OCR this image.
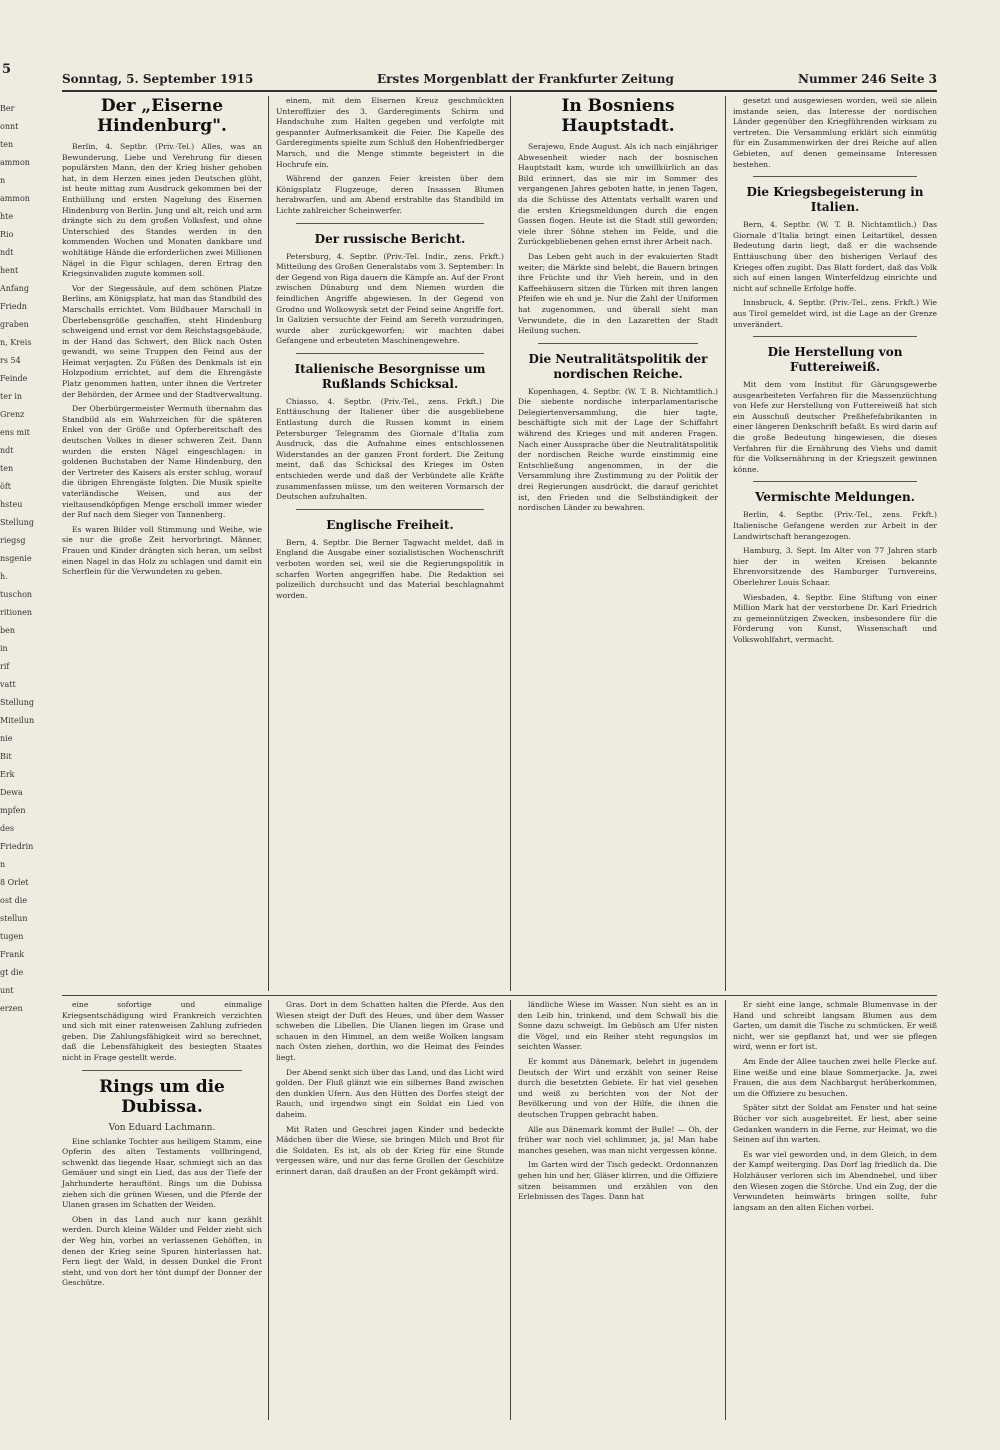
5
Sonntag, 5. September 1915	Erstes Morgenblatt der Frankfurter Zeitung	Nummer 246 Seite 3
Ber
onnt
ten
ammon
n
ammon
hte
Rio
ndt
hent
Anfang
Friedn
graben
n, Kreis
rs 54
Feinde
ter in
Grenz
ens mit
ndt
ten
öft
hsteu
Stellung
riegsg
nsgenie
h.
tuschon
ritionen
ben
in
rif
vatt
Stellung
Miteilun
nie
Bit
Erk
Dewa
mpfen
des
Friedrin
n
8 Orlet
ost die
stellun
tugen
Frank
gt die
unt
erzen
Der „Eiserne Hindenburg".

Berlin, 4. Septbr. (Priv.-Tel.) Alles, was an Bewunderung, Liebe und Verehrung für diesen populärsten Mann, den der Krieg bisher gehoben hat, in dem Herzen eines jeden Deutschen glüht, ist heute mittag zum Ausdruck gekommen bei der Enthüllung und ersten Nagelung des Eisernen Hindenburg von Berlin. Jung und alt, reich und arm drängte sich zu dem großen Volksfest, und ohne Unterschied des Standes werden in den kommenden Wochen und Monaten dankbare und wohltätige Hände die erforderlichen zwei Millionen Nägel in die Figur schlagen, deren Ertrag den Kriegsinvaliden zugute kommen soll.

Vor der Siegessäule, auf dem schönen Platze Berlins, am Königsplatz, hat man das Standbild des Marschalls errichtet. Vom Bildhauer Marschall in Überlebensgröße geschaffen, steht Hindenburg schweigend und ernst vor dem Reichstagsgebäude, in der Hand das Schwert, den Blick nach Osten gewandt, wo seine Truppen den Feind aus der Heimat verjagten. Zu Füßen des Denkmals ist ein Holzpodium errichtet, auf dem die Ehrengäste Platz genommen hatten, unter ihnen die Vertreter der Behörden, der Armee und der Stadtverwaltung.

Der Oberbürgermeister Wermuth übernahm das Standbild als ein Wahrzeichen für die späteren Enkel von der Größe und Opferbereitschaft des deutschen Volkes in dieser schweren Zeit. Dann wurden die ersten Nägel eingeschlagen: in goldenen Buchstaben der Name Hindenburg, den der Vertreter des Kaisers als erster schlug, worauf die übrigen Ehrengäste folgten. Die Musik spielte vaterländische Weisen, und aus der vieltausendköpfigen Menge erscholl immer wieder der Ruf nach dem Sieger von Tannenberg.

Es waren Bilder voll Stimmung und Weihe, wie sie nur die große Zeit hervorbringt. Männer, Frauen und Kinder drängten sich heran, um selbst einen Nagel in das Holz zu schlagen und damit ein Scherflein für die Verwundeten zu geben.

einem, mit dem Eisernen Kreuz geschmückten Unteroffizier des 3. Garderegiments Schirm und Handschuhe zum Halten gegeben und verfolgte mit gespannter Aufmerksamkeit die Feier. Die Kapelle des Garderegiments spielte zum Schluß den Hohenfriedberger Marsch, und die Menge stimmte begeistert in die Hochrufe ein.

Während der ganzen Feier kreisten über dem Königsplatz Flugzeuge, deren Insassen Blumen herabwarfen, und am Abend erstrahlte das Standbild im Lichte zahlreicher Scheinwerfer.

Der russische Bericht.

Petersburg, 4. Septbr. (Priv.-Tel. Indir., zens. Frkft.) Mitteilung des Großen Generalstabs vom 3. September: In der Gegend von Riga dauern die Kämpfe an. Auf der Front zwischen Dünaburg und dem Niemen wurden die feindlichen Angriffe abgewiesen. In der Gegend von Grodno und Wolkowysk setzt der Feind seine Angriffe fort. In Galizien versuchte der Feind am Sereth vorzudringen, wurde aber zurückgeworfen; wir machten dabei Gefangene und erbeuteten Maschinengewehre.

Italienische Besorgnisse um Rußlands Schicksal.

Chiasso, 4. Septbr. (Priv.-Tel., zens. Frkft.) Die Enttäuschung der Italiener über die ausgebliebene Entlastung durch die Russen kommt in einem Petersburger Telegramm des Giornale d'Italia zum Ausdruck, das die Aufnahme eines entschlossenen Widerstandes an der ganzen Front fordert. Die Zeitung meint, daß das Schicksal des Krieges im Osten entschieden werde und daß der Verbündete alle Kräfte zusammenfassen müsse, um den weiteren Vormarsch der Deutschen aufzuhalten.

Englische Freiheit.

Bern, 4. Septbr. Die Berner Tagwacht meldet, daß in England die Ausgabe einer sozialistischen Wochenschrift verboten worden sei, weil sie die Regierungspolitik in scharfen Worten angegriffen habe. Die Redaktion sei polizeilich durchsucht und das Material beschlagnahmt worden.

In Bosniens Hauptstadt.

Serajewo, Ende August. Als ich nach einjähriger Abwesenheit wieder nach der bosnischen Hauptstadt kam, wurde ich unwillkürlich an das Bild erinnert, das sie mir im Sommer des vergangenen Jahres geboten hatte, in jenen Tagen, da die Schüsse des Attentats verhallt waren und die ersten Kriegsmeldungen durch die engen Gassen flogen. Heute ist die Stadt still geworden; viele ihrer Söhne stehen im Felde, und die Zurückgebliebenen gehen ernst ihrer Arbeit nach.

Das Leben geht auch in der evakuierten Stadt weiter; die Märkte sind belebt, die Bauern bringen ihre Früchte und ihr Vieh herein, und in den Kaffeehäusern sitzen die Türken mit ihren langen Pfeifen wie eh und je. Nur die Zahl der Uniformen hat zugenommen, und überall sieht man Verwundete, die in den Lazaretten der Stadt Heilung suchen.

Die Neutralitätspolitik der nordischen Reiche.

Kopenhagen, 4. Septbr. (W. T. B. Nichtamtlich.) Die siebente nordische interparlamentarische Delegiertenversammlung, die hier tagte, beschäftigte sich mit der Lage der Schiffahrt während des Krieges und mit anderen Fragen. Nach einer Aussprache über die Neutralitätspolitik der nordischen Reiche wurde einstimmig eine Entschließung angenommen, in der die Versammlung ihre Zustimmung zu der Politik der drei Regierungen ausdrückt, die darauf gerichtet ist, den Frieden und die Selbständigkeit der nordischen Länder zu bewahren.

gesetzt und ausgewiesen worden, weil sie allein imstande seien, das Interesse der nordischen Länder gegenüber den Kriegführenden wirksam zu vertreten. Die Versammlung erklärt sich einmütig für ein Zusammenwirken der drei Reiche auf allen Gebieten, auf denen gemeinsame Interessen bestehen.

Die Kriegsbegeisterung in Italien.

Bern, 4. Septbr. (W. T. B. Nichtamtlich.) Das Giornale d'Italia bringt einen Leitartikel, dessen Bedeutung darin liegt, daß er die wachsende Enttäuschung über den bisherigen Verlauf des Krieges offen zugibt. Das Blatt fordert, daß das Volk sich auf einen langen Winterfeldzug einrichte und nicht auf schnelle Erfolge hoffe.

Innsbruck, 4. Septbr. (Priv.-Tel., zens. Frkft.) Wie aus Tirol gemeldet wird, ist die Lage an der Grenze unverändert.

Die Herstellung von Futtereiweiß.

Mit dem vom Institut für Gärungsgewerbe ausgearbeiteten Verfahren für die Massenzüchtung von Hefe zur Herstellung von Futtereiweiß hat sich ein Ausschuß deutscher Preßhefefabrikanten in einer längeren Denkschrift befaßt. Es wird darin auf die große Bedeutung hingewiesen, die dieses Verfahren für die Ernährung des Viehs und damit für die Volksernährung in der Kriegszeit gewinnen könne.

Vermischte Meldungen.

Berlin, 4. Septbr. (Priv.-Tel., zens. Frkft.) Italienische Gefangene werden zur Arbeit in der Landwirtschaft herangezogen.

Hamburg, 3. Sept. Im Alter von 77 Jahren starb hier der in weiten Kreisen bekannte Ehrenvorsitzende des Hamburger Turnvereins, Oberlehrer Louis Schaar.

Wiesbaden, 4. Septbr. Eine Stiftung von einer Million Mark hat der verstorbene Dr. Karl Friedrich zu gemeinnützigen Zwecken, insbesondere für die Förderung von Kunst, Wissenschaft und Volkswohlfahrt, vermacht.

eine sofortige und einmalige Kriegsentschädigung wird Frankreich verzichten und sich mit einer ratenweisen Zahlung zufrieden geben. Die Zahlungsfähigkeit wird so berechnet, daß die Lebensfähigkeit des besiegten Staates nicht in Frage gestellt werde.

Rings um die Dubissa.
Von Eduard Lachmann.

Eine schlanke Tochter aus heiligem Stamm, eine Opferin des alten Testaments vollbringend, schwenkt das liegende Haar, schmiegt sich an das Gemäuer und singt ein Lied, das aus der Tiefe der Jahrhunderte herauftönt. Rings um die Dubissa ziehen sich die grünen Wiesen, und die Pferde der Ulanen grasen im Schatten der Weiden.

Oben in das Land auch nur kann gezählt werden. Durch kleine Wälder und Felder zieht sich der Weg hin, vorbei an verlassenen Gehöften, in denen der Krieg seine Spuren hinterlassen hat. Fern liegt der Wald, in dessen Dunkel die Front steht, und von dort her tönt dumpf der Donner der Geschütze.

Gras. Dort in dem Schatten halten die Pferde. Aus den Wiesen steigt der Duft des Heues, und über dem Wasser schweben die Libellen. Die Ulanen liegen im Grase und schauen in den Himmel, an dem weiße Wolken langsam nach Osten ziehen, dorthin, wo die Heimat des Feindes liegt.

Der Abend senkt sich über das Land, und das Licht wird golden. Der Fluß glänzt wie ein silbernes Band zwischen den dunklen Ufern. Aus den Hütten des Dorfes steigt der Rauch, und irgendwo singt ein Soldat ein Lied von daheim.

Mit Raten und Geschrei jagen Kinder und bedeckte Mädchen über die Wiese, sie bringen Milch und Brot für die Soldaten. Es ist, als ob der Krieg für eine Stunde vergessen wäre, und nur das ferne Grollen der Geschütze erinnert daran, daß draußen an der Front gekämpft wird.

ländliche Wiese im Wasser. Nun sieht es an in den Leib hin, trinkend, und dem Schwall bis die Sonne dazu schweigt. Im Gebüsch am Ufer nisten die Vögel, und ein Reiher steht regungslos im seichten Wasser.

Er kommt aus Dänemark, belehrt in jugendem Deutsch der Wirt und erzählt von seiner Reise durch die besetzten Gebiete. Er hat viel gesehen und weiß zu berichten von der Not der Bevölkerung und von der Hilfe, die ihnen die deutschen Truppen gebracht haben.

Alle aus Dänemark kommt der Bulle! — Oh, der früher war noch viel schlimmer, ja, ja! Man habe manches gesehen, was man nicht vergessen könne.

Im Garten wird der Tisch gedeckt. Ordonnanzen gehen hin und her, Gläser klirren, und die Offiziere sitzen beisammen und erzählen von den Erlebnissen des Tages. Dann hat

Er sieht eine lange, schmale Blumenvase in der Hand und schreibt langsam Blumen aus dem Garten, um damit die Tische zu schmücken. Er weiß nicht, wer sie gepflanzt hat, und wer sie pflegen wird, wenn er fort ist.

Am Ende der Allee tauchen zwei helle Flecke auf. Eine weiße und eine blaue Sommerjacke. Ja, zwei Frauen, die aus dem Nachbargut herüberkommen, um die Offiziere zu besuchen.

Später sitzt der Soldat am Fenster und hat seine Bücher vor sich ausgebreitet. Er liest, aber seine Gedanken wandern in die Ferne, zur Heimat, wo die Seinen auf ihn warten.

Es war viel geworden und, in dem Gleich, in dem der Kampf weiterging. Das Dorf lag friedlich da. Die Holzhäuser verloren sich im Abendnebel, und über den Wiesen zogen die Störche. Und ein Zug, der die Verwundeten heimwärts bringen sollte, fuhr langsam an den alten Eichen vorbei.
